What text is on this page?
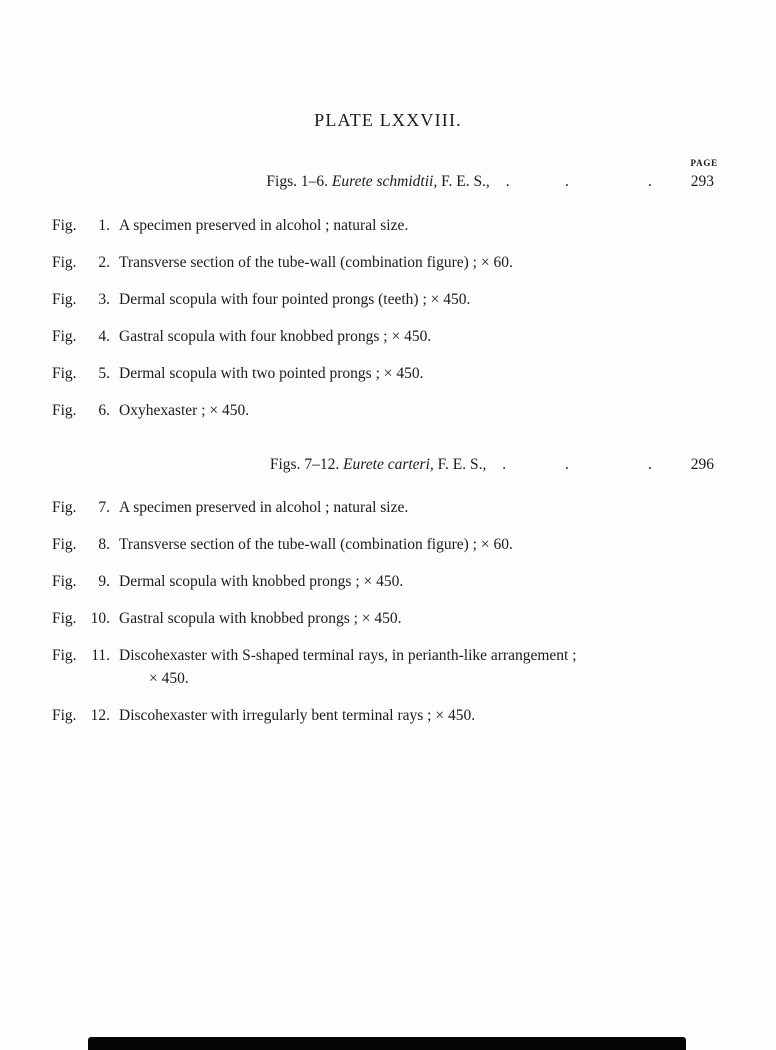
PLATE LXXVIII.
PAGE
Figs. 1–6. Eurete schmidtii, F. E. S., .	.	.	293
Fig.	1. A specimen preserved in alcohol ; natural size.
Fig.	2. Transverse section of the tube-wall (combination figure) ; × 60.
Fig.	3. Dermal scopula with four pointed prongs (teeth) ; × 450.
Fig.	4. Gastral scopula with four knobbed prongs ; × 450.
Fig.	5. Dermal scopula with two pointed prongs ; × 450.
Fig.	6. Oxyhexaster ; × 450.
Figs. 7–12. Eurete carteri, F. E. S., .	.	.	296
Fig.	7. A specimen preserved in alcohol ; natural size.
Fig.	8. Transverse section of the tube-wall (combination figure) ; × 60.
Fig.	9. Dermal scopula with knobbed prongs ; × 450.
Fig. 10. Gastral scopula with knobbed prongs ; × 450.
Fig. 11. Discohexaster with S-shaped terminal rays, in perianth-like arrangement ;
× 450.
Fig. 12. Discohexaster with irregularly bent terminal rays ; × 450.
